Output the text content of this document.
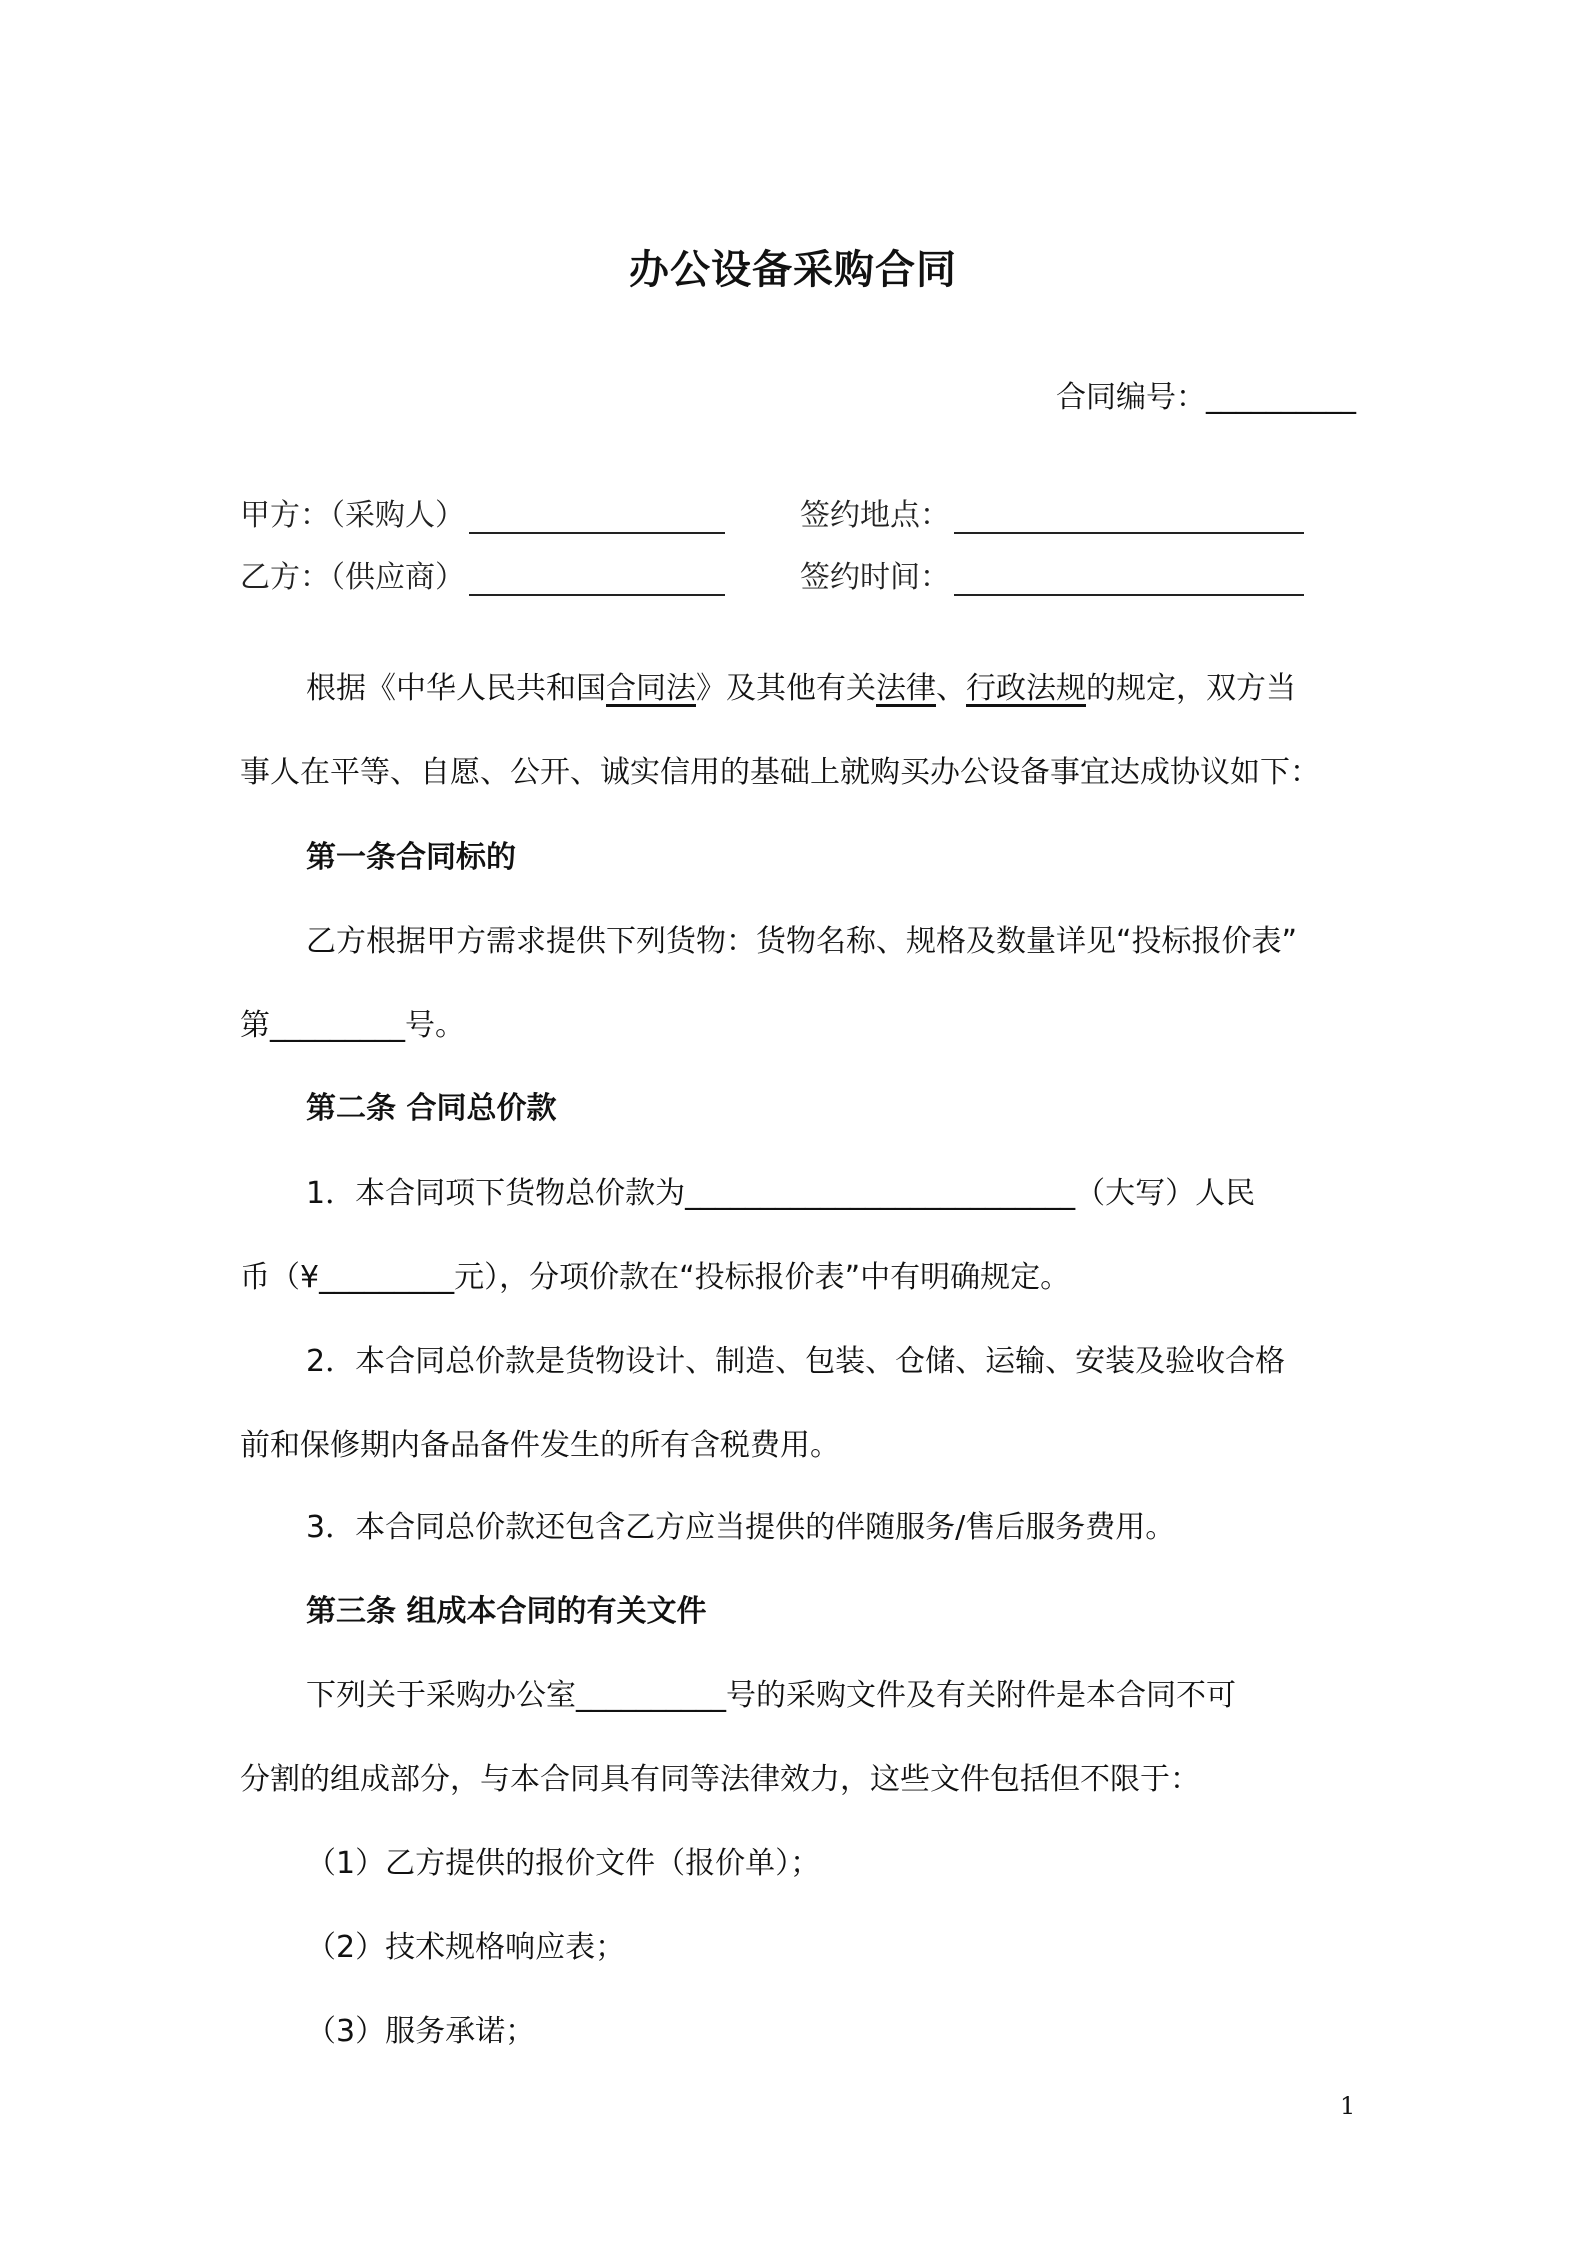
办公设备采购合同
合同编号：__________
甲方：（采购人）	签约地点：
乙方：（供应商）	签约时间：
根据《中华人民共和国合同法》及其他有关法律、行政法规的规定，双方当
事人在平等、自愿、公开、诚实信用的基础上就购买办公设备事宜达成协议如下：
第一条合同标的
乙方根据甲方需求提供下列货物：货物名称、规格及数量详见“投标报价表”
第_________号。
第二条 合同总价款
1．本合同项下货物总价款为__________________________（大写）人民
币（¥_________元），分项价款在“投标报价表”中有明确规定。
2．本合同总价款是货物设计、制造、包装、仓储、运输、安装及验收合格
前和保修期内备品备件发生的所有含税费用。
3．本合同总价款还包含乙方应当提供的伴随服务/售后服务费用。
第三条 组成本合同的有关文件
下列关于采购办公室__________号的采购文件及有关附件是本合同不可
分割的组成部分，与本合同具有同等法律效力，这些文件包括但不限于：
（1）乙方提供的报价文件（报价单）；
（2）技术规格响应表；
（3）服务承诺；
1
